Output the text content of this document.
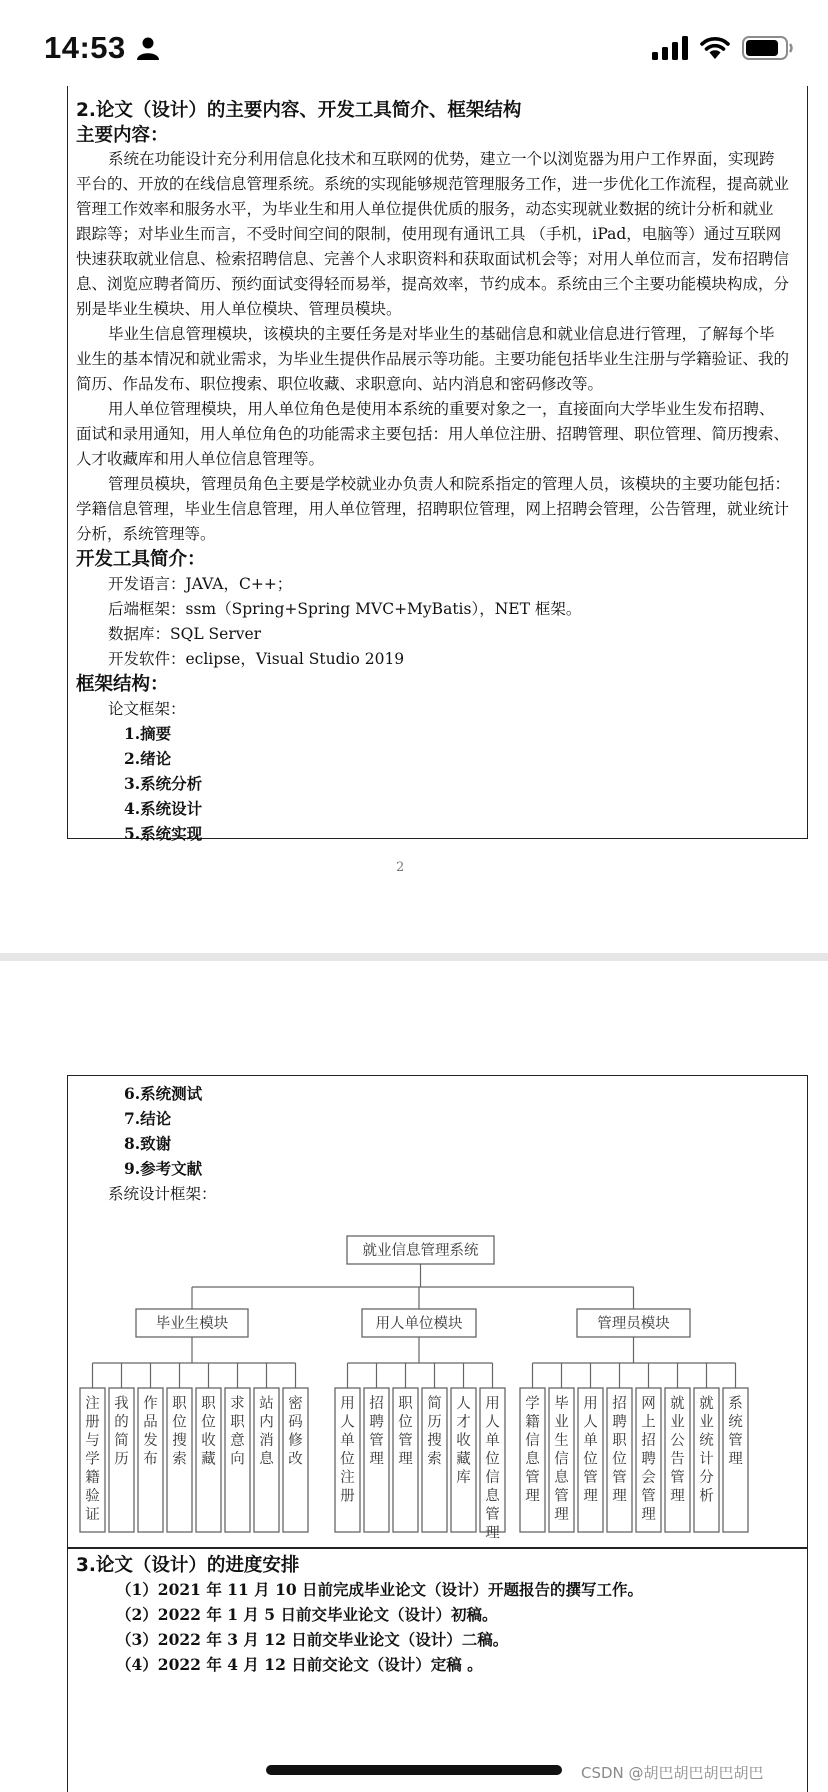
14:53
2.论文（设计）的主要内容、开发工具简介、框架结构
主要内容：
系统在功能设计充分利用信息化技术和互联网的优势，建立一个以浏览器为用户工作界面，实现跨
平台的、开放的在线信息管理系统。系统的实现能够规范管理服务工作，进一步优化工作流程，提高就业
管理工作效率和服务水平，为毕业生和用人单位提供优质的服务，动态实现就业数据的统计分析和就业
跟踪等；对毕业生而言，不受时间空间的限制，使用现有通讯工具 （手机，iPad，电脑等）通过互联网
快速获取就业信息、检索招聘信息、完善个人求职资料和获取面试机会等；对用人单位而言，发布招聘信
息、浏览应聘者简历、预约面试变得轻而易举，提高效率，节约成本。系统由三个主要功能模块构成，分
别是毕业生模块、用人单位模块、管理员模块。
毕业生信息管理模块，该模块的主要任务是对毕业生的基础信息和就业信息进行管理，了解每个毕
业生的基本情况和就业需求，为毕业生提供作品展示等功能。主要功能包括毕业生注册与学籍验证、我的
简历、作品发布、职位搜索、职位收藏、求职意向、站内消息和密码修改等。
用人单位管理模块，用人单位角色是使用本系统的重要对象之一，直接面向大学毕业生发布招聘、
面试和录用通知，用人单位角色的功能需求主要包括：用人单位注册、招聘管理、职位管理、简历搜索、
人才收藏库和用人单位信息管理等。
管理员模块，管理员角色主要是学校就业办负责人和院系指定的管理人员，该模块的主要功能包括：
学籍信息管理，毕业生信息管理，用人单位管理，招聘职位管理，网上招聘会管理，公告管理，就业统计
分析，系统管理等。
开发工具简介：
开发语言：JAVA，C++；
后端框架：ssm（Spring+Spring MVC+MyBatis），NET 框架。
数据库：SQL Server
开发软件：eclipse，Visual Studio 2019
框架结构：
论文框架：
1.摘要
2.绪论
3.系统分析
4.系统设计
5.系统实现
2
6.系统测试
7.结论
8.致谢
9.参考文献
系统设计框架：
就业信息管理系统
毕业生模块
注
册
与
学
籍
验
证
我
的
简
历
作
品
发
布
职
位
搜
索
职
位
收
藏
求
职
意
向
站
内
消
息
密
码
修
改
用人单位模块
用
人
单
位
注
册
招
聘
管
理
职
位
管
理
简
历
搜
索
人
才
收
藏
库
用
人
单
位
信
息
管
理
管理员模块
学
籍
信
息
管
理
毕
业
生
信
息
管
理
用
人
单
位
管
理
招
聘
职
位
管
理
网
上
招
聘
会
管
理
就
业
公
告
管
理
就
业
统
计
分
析
系
统
管
理
3.论文（设计）的进度安排
（1）2021 年 11 月 10 日前完成毕业论文（设计）开题报告的撰写工作。
（2）2022 年 1 月 5 日前交毕业论文（设计）初稿。
（3）2022 年 3 月 12 日前交毕业论文（设计）二稿。
（4）2022 年 4 月 12 日前交论文（设计）定稿 。
CSDN @胡巴胡巴胡巴胡巴
